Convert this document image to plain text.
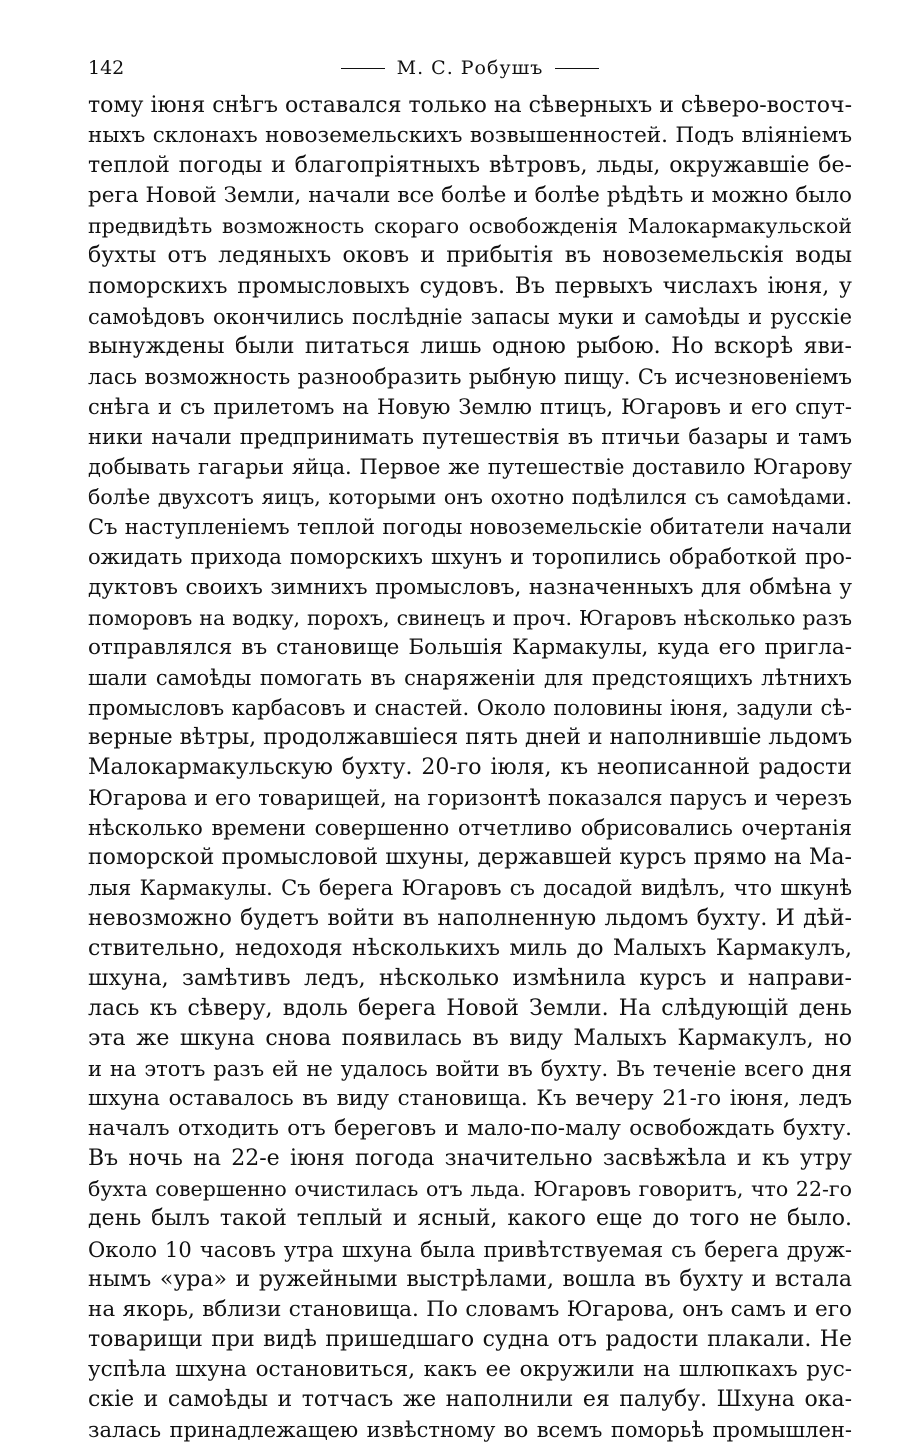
142	М. С. Робушъ
тому iюня снѣгъ оставался только на сѣверныхъ и сѣверо-восточ-
ныхъ склонахъ новоземельскихъ возвышенностей. Подъ влiянiемъ
теплой погоды и благопрiятныхъ вѣтровъ, льды, окружавшiе бе-
рега Новой Земли, начали все болѣе и болѣе рѣдѣть и можно было
предвидѣть возможность скораго освобожденiя Малокармакульской
бухты отъ ледяныхъ оковъ и прибытiя въ новоземельскiя воды
поморскихъ промысловыхъ судовъ. Въ первыхъ числахъ iюня, у
самоѣдовъ окончились послѣднiе запасы муки и самоѣды и русскiе
вынуждены были питаться лишь одною рыбою. Но вскорѣ яви-
лась возможность разнообразить рыбную пищу. Съ исчезновенiемъ
снѣга и съ прилетомъ на Новую Землю птицъ, Югаровъ и его спут-
ники начали предпринимать путешествiя въ птичьи базары и тамъ
добывать гагарьи яйца. Первое же путешествiе доставило Югарову
болѣе двухсотъ яицъ, которыми онъ охотно подѣлился съ самоѣдами.
Съ наступленiемъ теплой погоды новоземельскiе обитатели начали
ожидать прихода поморскихъ шхунъ и торопились обработкой про-
дуктовъ своихъ зимнихъ промысловъ, назначенныхъ для обмѣна у
поморовъ на водку, порохъ, свинецъ и проч. Югаровъ нѣсколько разъ
отправлялся въ становище Большiя Кармакулы, куда его пригла-
шали самоѣды помогать въ снаряженiи для предстоящихъ лѣтнихъ
промысловъ карбасовъ и снастей. Около половины iюня, задули сѣ-
верные вѣтры, продолжавшiеся пять дней и наполнившiе льдомъ
Малокармакульскую бухту. 20-го iюля, къ неописанной радости
Югарова и его товарищей, на горизонтѣ показался парусъ и черезъ
нѣсколько времени совершенно отчетливо обрисовались очертанiя
поморской промысловой шхуны, державшей курсъ прямо на Ма-
лыя Кармакулы. Съ берега Югаровъ съ досадой видѣлъ, что шкунѣ
невозможно будетъ войти въ наполненную льдомъ бухту. И дѣй-
ствительно, недоходя нѣсколькихъ миль до Малыхъ Кармакулъ,
шхуна, замѣтивъ ледъ, нѣсколько измѣнила курсъ и направи-
лась къ сѣверу, вдоль берега Новой Земли. На слѣдующiй день
эта же шкуна снова появилась въ виду Малыхъ Кармакулъ, но
и на этотъ разъ ей не удалось войти въ бухту. Въ теченiе всего дня
шхуна оставалось въ виду становища. Къ вечеру 21-го iюня, ледъ
началъ отходить отъ береговъ и мало-по-малу освобождать бухту.
Въ ночь на 22-е iюня погода значительно засвѣжѣла и къ утру
бухта совершенно очистилась отъ льда. Югаровъ говоритъ, что 22-го
день былъ такой теплый и ясный, какого еще до того не было.
Около 10 часовъ утра шхуна была привѣтствуемая съ берега друж-
нымъ «ура» и ружейными выстрѣлами, вошла въ бухту и встала
на якорь, вблизи становища. По словамъ Югарова, онъ самъ и его
товарищи при видѣ пришедшаго судна отъ радости плакали. Не
успѣла шхуна остановиться, какъ ее окружили на шлюпкахъ рус-
скiе и самоѣды и тотчасъ же наполнили ея палубу. Шхуна ока-
залась принадлежащею извѣстному во всемъ поморьѣ промышлен-
